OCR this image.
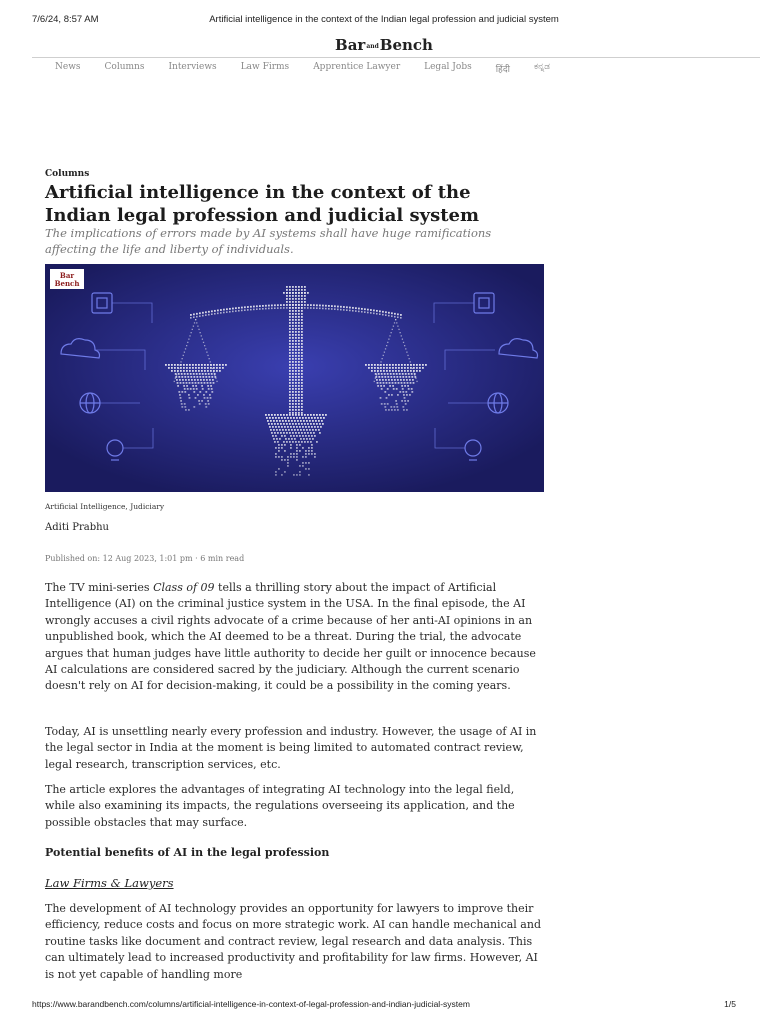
7/6/24, 8:57 AM	Artificial intelligence in the context of the Indian legal profession and judicial system
BarandBench
News	Columns	Interviews	Law Firms	Apprentice Lawyer	Legal Jobs	हिंदी	ಕನ್ನಡ
Columns
Artificial intelligence in the context of the Indian legal profession and judicial system

The implications of errors made by AI systems shall have huge ramifications affecting the life and liberty of individuals.

Bar
Bench
Artificial Intelligence, Judiciary
Aditi Prabhu
Published on: 12 Aug 2023, 1:01 pm · 6 min read

The TV mini-series Class of 09 tells a thrilling story about the impact of Artificial Intelligence (AI) on the criminal justice system in the USA. In the final episode, the AI wrongly accuses a civil rights advocate of a crime because of her anti-AI opinions in an unpublished book, which the AI deemed to be a threat. During the trial, the advocate argues that human judges have little authority to decide her guilt or innocence because AI calculations are considered sacred by the judiciary. Although the current scenario doesn't rely on AI for decision-making, it could be a possibility in the coming years.

Today, AI is unsettling nearly every profession and industry. However, the usage of AI in the legal sector in India at the moment is being limited to automated contract review, legal research, transcription services, etc.

The article explores the advantages of integrating AI technology into the legal field, while also examining its impacts, the regulations overseeing its application, and the possible obstacles that may surface.

Potential benefits of AI in the legal profession
Law Firms & Lawyers

The development of AI technology provides an opportunity for lawyers to improve their efficiency, reduce costs and focus on more strategic work. AI can handle mechanical and routine tasks like document and contract review, legal research and data analysis. This can ultimately lead to increased productivity and profitability for law firms. However, AI is not yet capable of handling more

https://www.barandbench.com/columns/artificial-intelligence-in-context-of-legal-profession-and-indian-judicial-system	1/5
